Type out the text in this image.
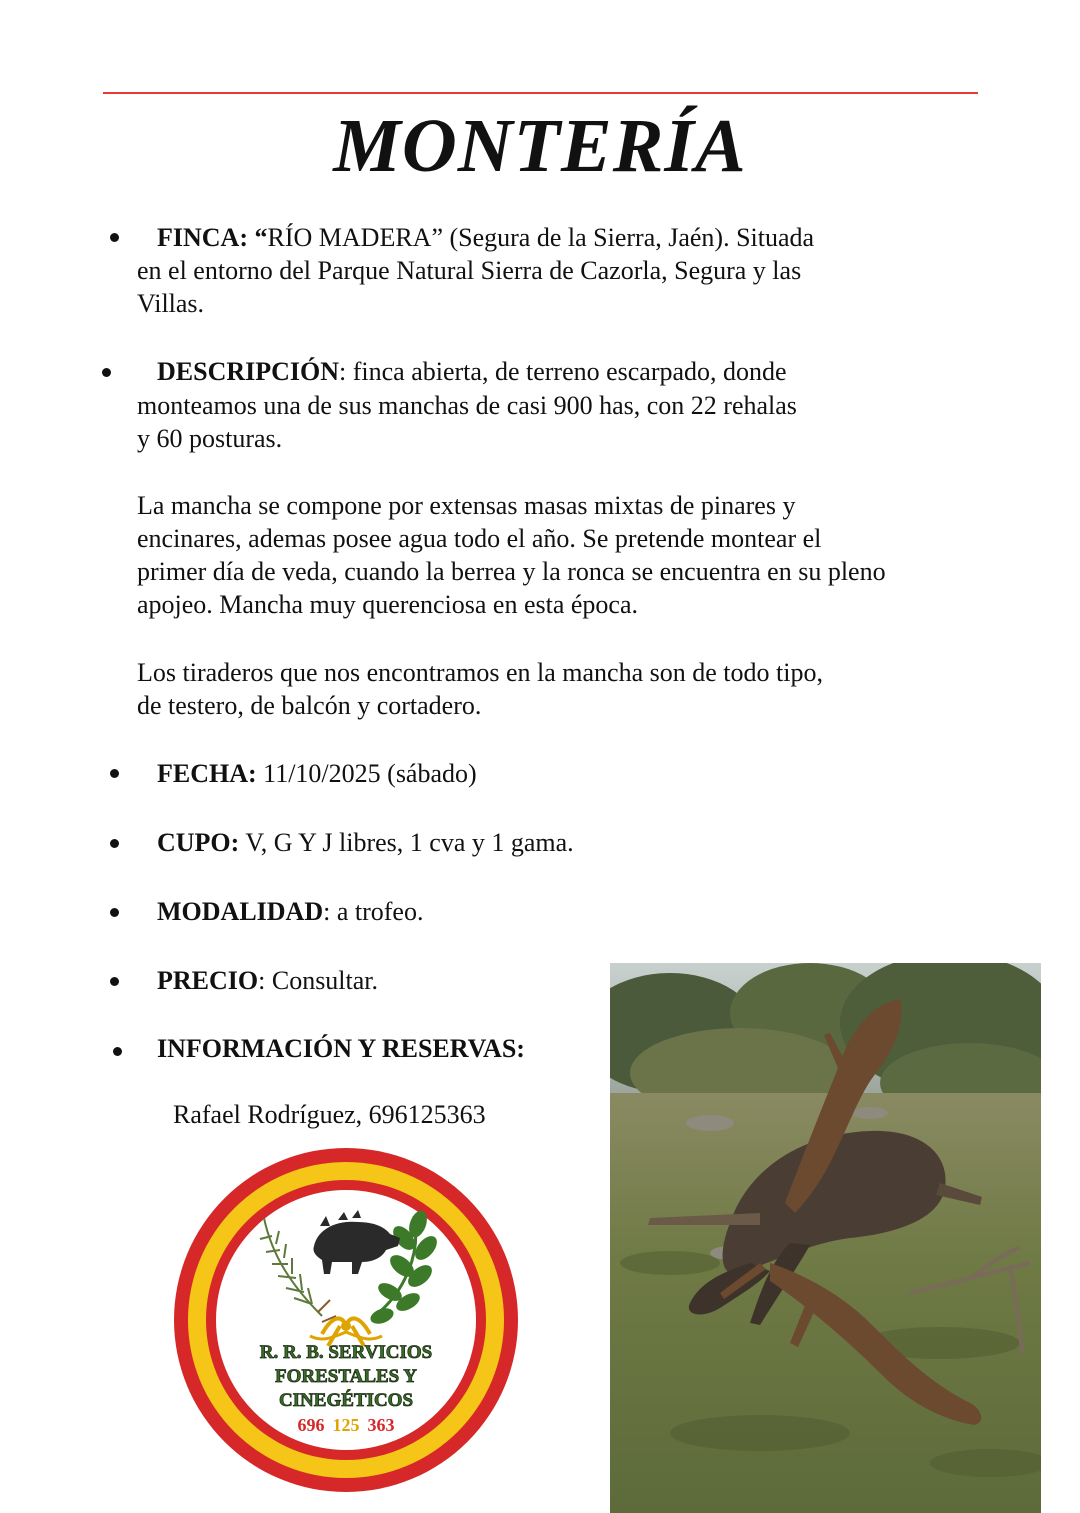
MONTERÍA

FINCA: “RÍO MADERA” (Segura de la Sierra, Jaén). Situada

en el entorno del Parque Natural Sierra de Cazorla, Segura y las

Villas.

DESCRIPCIÓN: finca abierta, de terreno escarpado, donde

monteamos una de sus manchas de casi 900 has, con 22 rehalas

y 60 posturas.

La mancha se compone por extensas masas mixtas de pinares y

encinares, ademas posee agua todo el año. Se pretende montear el

primer día de veda, cuando la berrea y la ronca se encuentra en su pleno

apojeo. Mancha muy querenciosa en esta época.

Los tiraderos que nos encontramos en la mancha son de todo tipo,

de testero, de balcón y cortadero.

FECHA: 11/10/2025 (sábado)

CUPO: V, G Y J libres, 1 cva y 1 gama.

MODALIDAD: a trofeo.

PRECIO: Consultar.

INFORMACIÓN Y RESERVAS:

Rafael Rodríguez, 696125363

R. R. B. SERVICIOS
FORESTALES Y
CINEGÉTICOS
696 125 363
